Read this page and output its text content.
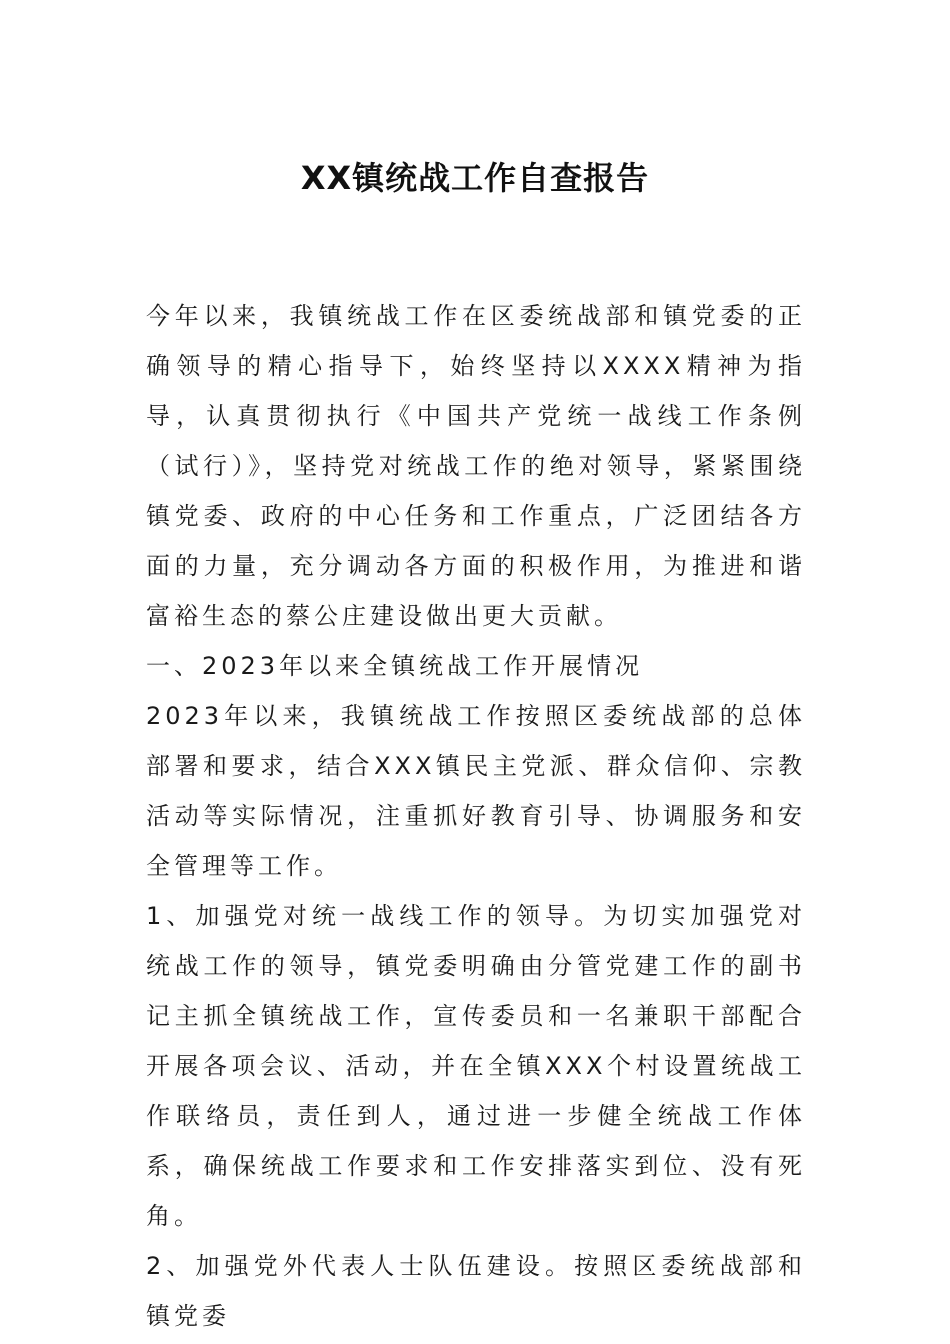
XX镇统战工作自查报告

今年以来，我镇统战工作在区委统战部和镇党委的正确领导的精心指导下，始终坚持以XXXX精神为指导，认真贯彻执行《中国共产党统一战线工作条例（试行）》，坚持党对统战工作的绝对领导，紧紧围绕镇党委、政府的中心任务和工作重点，广泛团结各方面的力量，充分调动各方面的积极作用，为推进和谐富裕生态的蔡公庄建设做出更大贡献。

一、2023年以来全镇统战工作开展情况

2023年以来，我镇统战工作按照区委统战部的总体部署和要求，结合XXX镇民主党派、群众信仰、宗教活动等实际情况，注重抓好教育引导、协调服务和安全管理等工作。

1、加强党对统一战线工作的领导。为切实加强党对统战工作的领导，镇党委明确由分管党建工作的副书记主抓全镇统战工作，宣传委员和一名兼职干部配合开展各项会议、活动，并在全镇XXX个村设置统战工作联络员，责任到人，通过进一步健全统战工作体系，确保统战工作要求和工作安排落实到位、没有死角。

2、加强党外代表人士队伍建设。按照区委统战部和镇党委
